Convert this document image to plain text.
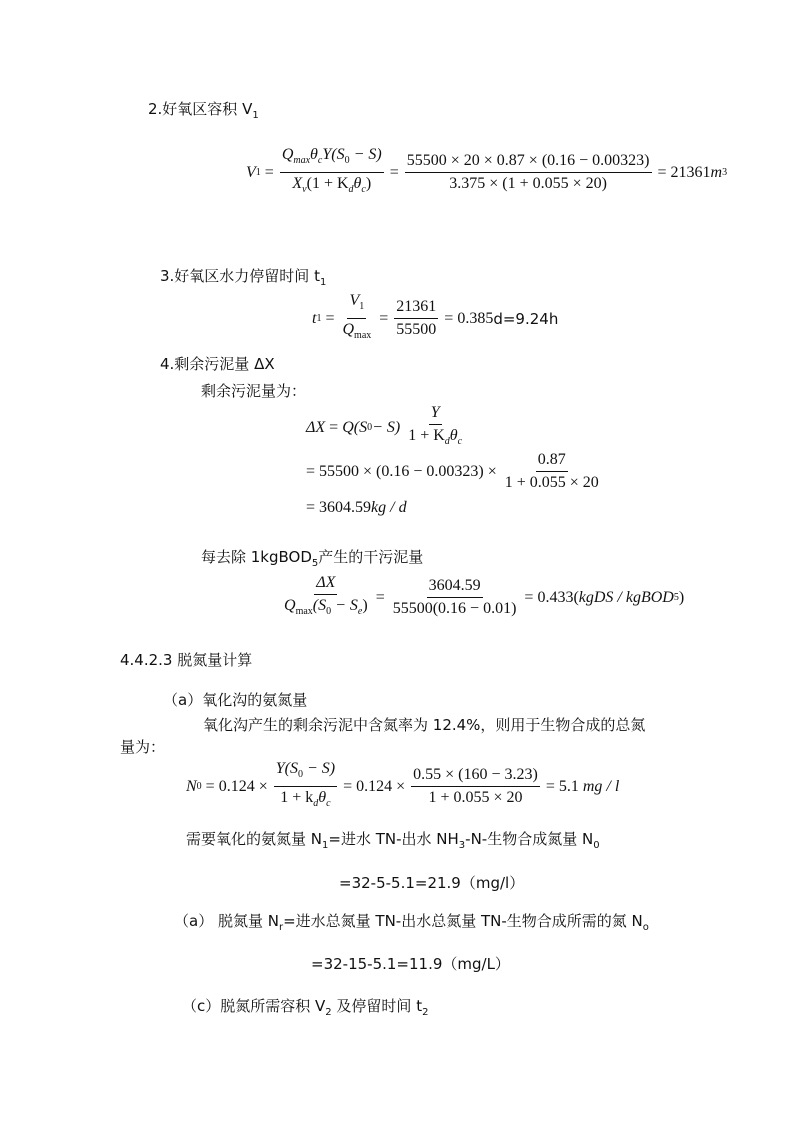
2.好氧区容积 $V_1$
V $1 = \frac{Q_{max}\theta_cY(S_0 - S)}{X_v(1 + K_d\theta_c)} = \frac{55500 \times 20 \times 0.87 \times (0.16 - 0.00323)}{3.375 \times (1 + 0.055 \times 20)} = 21361$ m 3
3.好氧区水力停留时间 $t_1$
t $1 = \frac{V_1}{Q_{max}} = \frac{21361}{55500} = 0.385$ d=9.24h
4.剩余污泥量 ΔX
剩余污泥量为：
ΔX = Q(S $0 - S) \frac{Y}{1 + K_d\theta_c}$
= $55500 \times (0.16 - 0.00323) \times \frac{0.87}{1 + 0.055 \times 20}$
= 3604.59kg / d
每去除 1kgBOD$_5$产生的干污泥量
$\frac{\Delta X}{Q_{max}(S_0 - S_e)} = \frac{3604.59}{55500(0.16 - 0.01)} = 0.433$( kgDS / kgBOD 5 )
4.4.2.3 脱氮量计算
（a）氧化沟的氨氮量
氧化沟产生的剩余污泥中含氮率为 12.4%，则用于生物合成的总氮
量为：
N $0 = 0.124 \times \frac{Y(S_0 - S)}{1 + k_d\theta_c} = 0.124 \times \frac{0.55 \times (160 - 3.23)}{1 + 0.055 \times 20} = 5.1$ mg / l
需要氧化的氨氮量 $N_1=$进水 TN-出水 $NH_3-N-$生物合成氮量 $N_0$
=32-5-5.1=21.9（mg/l）
（a） 脱氮量 $N_r=$进水总氮量 TN-出水总氮量 TN-生物合成所需的氮 $N_o$
=32-15-5.1=11.9（mg/L）
（c）脱氮所需容积 $V_2$ 及停留时间 $t_2$
